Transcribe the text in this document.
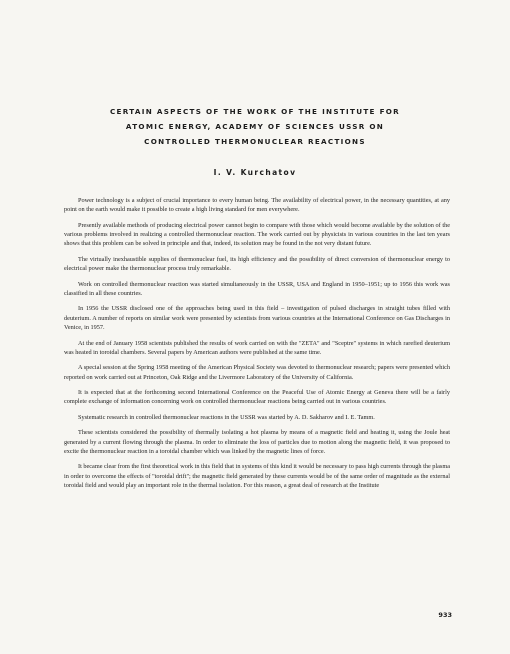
CERTAIN ASPECTS OF THE WORK OF THE INSTITUTE FOR
ATOMIC ENERGY, ACADEMY OF SCIENCES USSR ON
CONTROLLED THERMONUCLEAR REACTIONS
I. V. Kurchatov

Power technology is a subject of crucial importance to every human being. The availability of electrical power, in the necessary quantities, at any point on the earth would make it possible to create a high living standard for men everywhere.

Presently available methods of producing electrical power cannot begin to compare with those which would become available by the solution of the various problems involved in realizing a controlled thermonuclear reaction. The work carried out by physicists in various countries in the last ten years shows that this problem can be solved in principle and that, indeed, its solution may be found in the not very distant future.

The virtually inexhaustible supplies of thermonuclear fuel, its high efficiency and the possibility of direct conversion of thermonuclear energy to electrical power make the thermonuclear process truly remarkable.

Work on controlled thermonuclear reaction was started simultaneously in the USSR, USA and England in 1950–1951; up to 1956 this work was classified in all these countries.

In 1956 the USSR disclosed one of the approaches being used in this field – investigation of pulsed discharges in straight tubes filled with deuterium. A number of reports on similar work were presented by scientists from various countries at the International Conference on Gas Discharges in Venice, in 1957.

At the end of January 1958 scientists published the results of work carried on with the "ZETA" and "Sceptre" systems in which rarefied deuterium was heated in toroidal chambers. Several papers by American authors were published at the same time.

A special session at the Spring 1958 meeting of the American Physical Society was devoted to thermonuclear research; papers were presented which reported on work carried out at Princeton, Oak Ridge and the Livermore Laboratory of the University of California.

It is expected that at the forthcoming second International Conference on the Peaceful Use of Atomic Energy at Geneva there will be a fairly complete exchange of information concerning work on controlled thermonuclear reactions being carried out in various countries.

Systematic research in controlled thermonuclear reactions in the USSR was started by A. D. Sakharov and I. E. Tamm.

These scientists considered the possibility of thermally isolating a hot plasma by means of a magnetic field and heating it, using the Joule heat generated by a current flowing through the plasma. In order to eliminate the loss of particles due to motion along the magnetic field, it was proposed to excite the thermonuclear reaction in a toroidal chamber which was linked by the magnetic lines of force.

It became clear from the first theoretical work in this field that in systems of this kind it would be necessary to pass high currents through the plasma in order to overcome the effects of "toroidal drift"; the magnetic field generated by these currents would be of the same order of magnitude as the external toroidal field and would play an important role in the thermal isolation. For this reason, a great deal of research at the Institute

933
